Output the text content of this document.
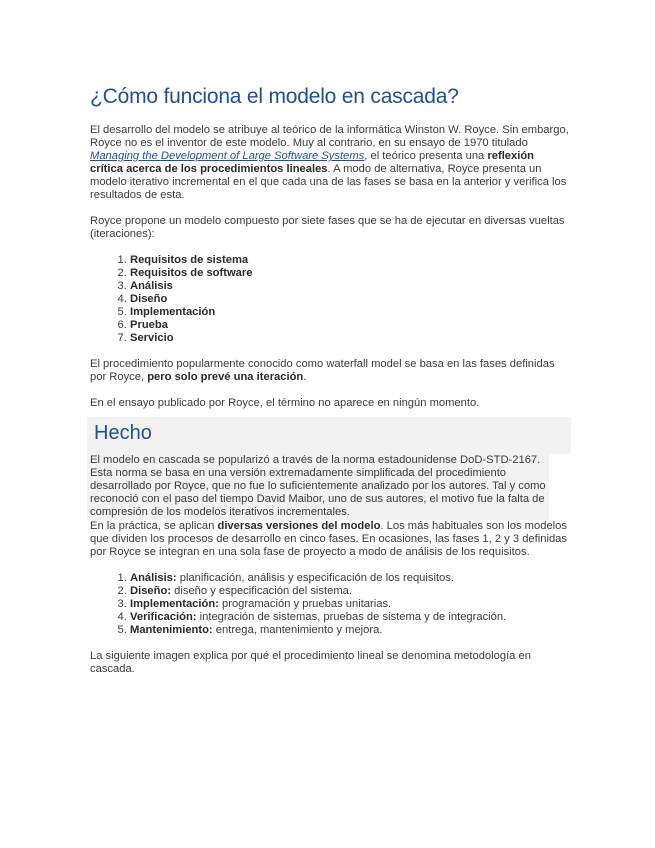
¿Cómo funciona el modelo en cascada?

El desarrollo del modelo se atribuye al teórico de la informática Winston W. Royce. Sin embargo, Royce no es el inventor de este modelo. Muy al contrario, en su ensayo de 1970 titulado Managing the Development of Large Software Systems, el teórico presenta una reflexión crítica acerca de los procedimientos lineales. A modo de alternativa, Royce presenta un modelo iterativo incremental en el que cada una de las fases se basa en la anterior y verifica los resultados de esta.

Royce propone un modelo compuesto por siete fases que se ha de ejecutar en diversas vueltas (iteraciones):

1. Requisitos de sistema
2. Requisitos de software
3. Análisis
4. Diseño
5. Implementación
6. Prueba
7. Servicio

El procedimiento popularmente conocido como waterfall model se basa en las fases definidas por Royce, pero solo prevé una iteración.

En el ensayo publicado por Royce, el término no aparece en ningún momento.

Hecho
El modelo en cascada se popularizó a través de la norma estadounidense DoD-STD-2167. Esta norma se basa en una versión extremadamente simplificada del procedimiento desarrollado por Royce, que no fue lo suficientemente analizado por los autores. Tal y como reconoció con el paso del tiempo David Maibor, uno de sus autores, el motivo fue la falta de compresión de los modelos iterativos incrementales.

En la práctica, se aplican diversas versiones del modelo. Los más habituales son los modelos que dividen los procesos de desarrollo en cinco fases. En ocasiones, las fases 1, 2 y 3 definidas por Royce se integran en una sola fase de proyecto a modo de análisis de los requisitos.

1. Análisis: planificación, análisis y especificación de los requisitos.
2. Diseño: diseño y especificación del sistema.
3. Implementación: programación y pruebas unitarias.
4. Verificación: integración de sistemas, pruebas de sistema y de integración.
5. Mantenimiento: entrega, mantenimiento y mejora.

La siguiente imagen explica por qué el procedimiento lineal se denomina metodología en cascada.
